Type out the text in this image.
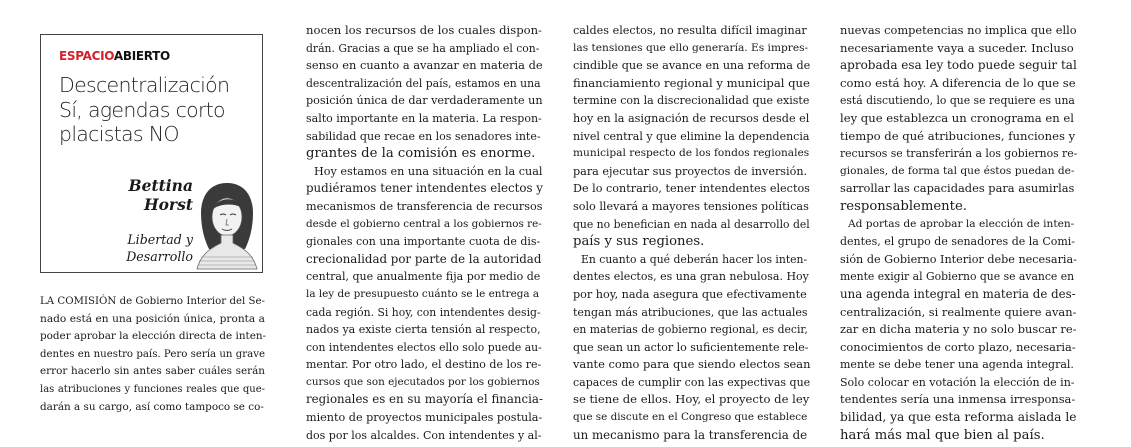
ESPACIOABIERTO
Descentralización
Sí, agendas corto
placistas NO
Bettina
Horst
Libertad y
Desarrollo
LA COMISIÓN de Gobierno Interior del Se-
nado está en una posición única, pronta a
poder aprobar la elección directa de inten-
dentes en nuestro país. Pero sería un grave
error hacerlo sin antes saber cuáles serán
las atribuciones y funciones reales que que-
darán a su cargo, así como tampoco se co-
nocen los recursos de los cuales dispon-
drán. Gracias a que se ha ampliado el con-
senso en cuanto a avanzar en materia de
descentralización del país, estamos en una
posición única de dar verdaderamente un
salto importante en la materia. La respon-
sabilidad que recae en los senadores inte-
grantes de la comisión es enorme.
Hoy estamos en una situación en la cual
pudiéramos tener intendentes electos y
mecanismos de transferencia de recursos
desde el gobierno central a los gobiernos re-
gionales con una importante cuota de dis-
crecionalidad por parte de la autoridad
central, que anualmente fija por medio de
la ley de presupuesto cuánto se le entrega a
cada región. Si hoy, con intendentes desig-
nados ya existe cierta tensión al respecto,
con intendentes electos ello solo puede au-
mentar. Por otro lado, el destino de los re-
cursos que son ejecutados por los gobiernos
regionales es en su mayoría el financia-
miento de proyectos municipales postula-
dos por los alcaldes. Con intendentes y al-
caldes electos, no resulta difícil imaginar
las tensiones que ello generaría. Es impres-
cindible que se avance en una reforma de
financiamiento regional y municipal que
termine con la discrecionalidad que existe
hoy en la asignación de recursos desde el
nivel central y que elimine la dependencia
municipal respecto de los fondos regionales
para ejecutar sus proyectos de inversión.
De lo contrario, tener intendentes electos
solo llevará a mayores tensiones políticas
que no benefician en nada al desarrollo del
país y sus regiones.
En cuanto a qué deberán hacer los inten-
dentes electos, es una gran nebulosa. Hoy
por hoy, nada asegura que efectivamente
tengan más atribuciones, que las actuales
en materias de gobierno regional, es decir,
que sean un actor lo suficientemente rele-
vante como para que siendo electos sean
capaces de cumplir con las expectivas que
se tiene de ellos. Hoy, el proyecto de ley
que se discute en el Congreso que establece
un mecanismo para la transferencia de
nuevas competencias no implica que ello
necesariamente vaya a suceder. Incluso
aprobada esa ley todo puede seguir tal
como está hoy. A diferencia de lo que se
está discutiendo, lo que se requiere es una
ley que establezca un cronograma en el
tiempo de qué atribuciones, funciones y
recursos se transferirán a los gobiernos re-
gionales, de forma tal que éstos puedan de-
sarrollar las capacidades para asumirlas
responsablemente.
Ad portas de aprobar la elección de inten-
dentes, el grupo de senadores de la Comi-
sión de Gobierno Interior debe necesaria-
mente exigir al Gobierno que se avance en
una agenda integral en materia de des-
centralización, si realmente quiere avan-
zar en dicha materia y no solo buscar re-
conocimientos de corto plazo, necesaria-
mente se debe tener una agenda integral.
Solo colocar en votación la elección de in-
tendentes sería una inmensa irresponsa-
bilidad, ya que esta reforma aislada le
hará más mal que bien al país.
